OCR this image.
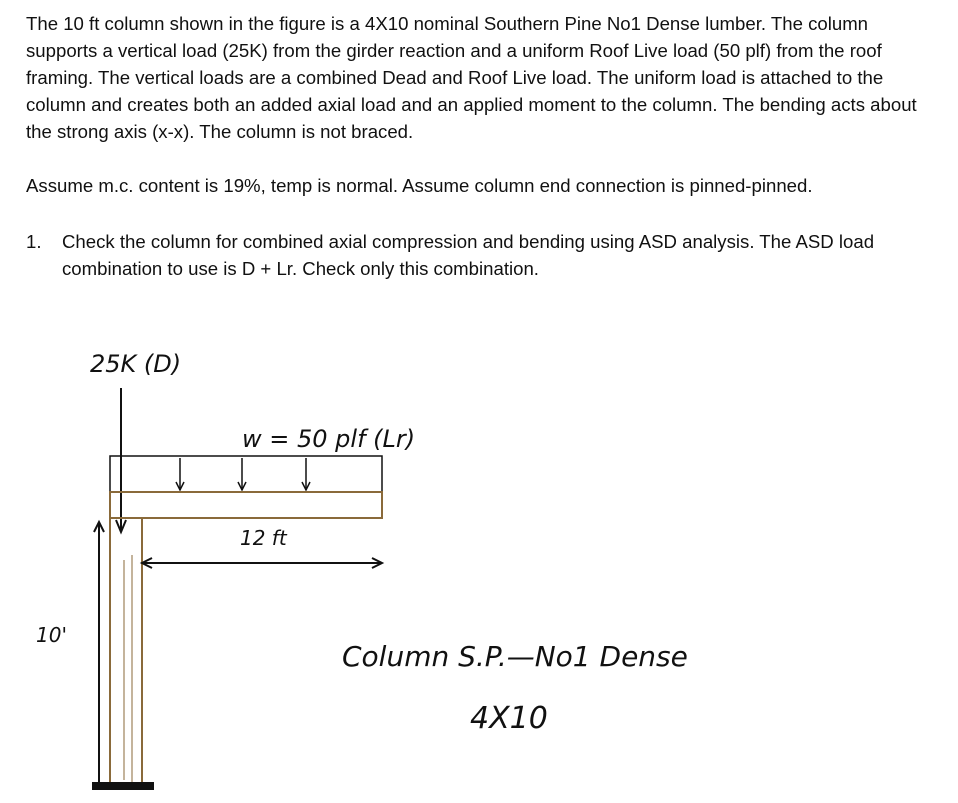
The 10 ft column shown in the figure is a 4X10 nominal Southern Pine No1 Dense lumber. The column supports a vertical load (25K) from the girder reaction and a uniform Roof Live load (50 plf) from the roof framing. The vertical loads are a combined Dead and Roof Live load. The uniform load is attached to the column and creates both an added axial load and an applied moment to the column. The bending acts about the strong axis (x-x). The column is not braced.
Assume m.c. content is 19%, temp is normal. Assume column end connection is pinned-pinned.
1. Check the column for combined axial compression and bending using ASD analysis. The ASD load combination to use is D + Lr. Check only this combination.
25K (D)
w = 50 plf (Lr)
12 ft
10'
Column S.P.—No1 Dense
4X10
